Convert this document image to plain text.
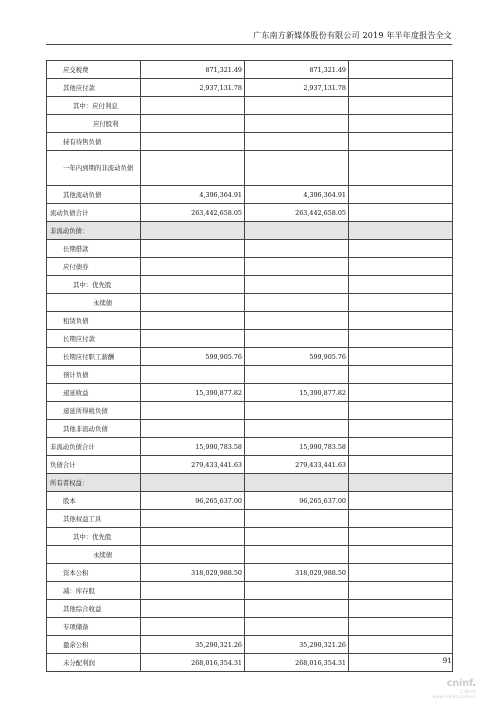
广东南方新媒体股份有限公司 2019 年半年度报告全文
应交税费	871,321.49	871,321.49	
其他应付款	2,937,131.78	2,937,131.78	
其中：应付利息			
应付股利			
持有待售负债			
一年内到期的非流动负债			
其他流动负债	4,396,364.91	4,396,364.91	
流动负债合计	263,442,658.05	263,442,658.05	
非流动负债：			
长期借款			
应付债券			
其中：优先股			
永续债			
租赁负债			
长期应付款			
长期应付职工薪酬	599,905.76	599,905.76	
预计负债			
递延收益	15,390,877.82	15,390,877.82	
递延所得税负债			
其他非流动负债			
非流动负债合计	15,990,783.58	15,990,783.58	
负债合计	279,433,441.63	279,433,441.63	
所有者权益：			
股本	96,265,637.00	96,265,637.00	
其他权益工具			
其中：优先股			
永续债			
资本公积	318,029,988.50	318,029,988.50	
减：库存股			
其他综合收益			
专项储备			
盈余公积	35,290,321.26	35,290,321.26	
未分配利润	268,016,354.31	268,016,354.31		91
cninf.
巨潮资讯
www.cninfo.com.cn
